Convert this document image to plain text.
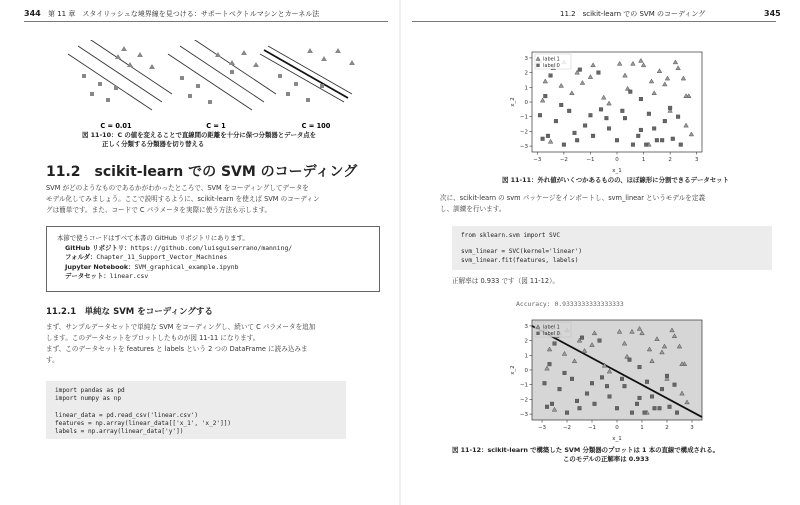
344 第 11 章　スタイリッシュな境界線を見つける：サポートベクトルマシンとカーネル法
C = 0.01	C = 1	C = 100
図 11-10：C の値を変えることで直線間の距離を十分に保つ分類器とデータ点を
正しく分類する分類器を切り替える
11.2　scikit-learn での SVM のコーディング
SVM がどのようなものであるかがわかったところで、SVM をコーディングしてデータを
モデル化してみましょう。ここで説明するように、scikit-learn を使えば SVM のコーディン
グは簡単です。また、コードで C パラメータを実際に使う方法も示します。
本節で使うコードはすべて本書の GitHub リポジトリにあります。
GitHub リポジトリ：https://github.com/luisguiserrano/manning/
フォルダ：Chapter_11_Support_Vector_Machines
Jupyter Notebook：SVM_graphical_example.ipynb
データセット：linear.csv
11.2.1　単純な SVM をコーディングする
まず、サンプルデータセットで単純な SVM をコーディングし、続いて C パラメータを追加
します。このデータセットをプロットしたものが図 11-11 になります。
まず、このデータセットを features と labels という 2 つの DataFrame に読み込みま
す。
import pandas as pd
import numpy as np

linear_data = pd.read_csv('linear.csv')
features = np.array(linear_data[['x_1', 'x_2']])
labels = np.array(linear_data['y'])
11.2　scikit-learn での SVM のコーディング	345
−3	−2	−1	0	1	2	3
−3
−2
−1
0
1
2
3
x_1
x_2
label 1
label 0
図 11-11：外れ値がいくつかあるものの、ほぼ線形に分割できるデータセット
次に、scikit-learn の svm パッケージをインポートし、svm_linear というモデルを定義
し、訓練を行います。
from sklearn.svm import SVC

svm_linear = SVC(kernel='linear')
svm_linear.fit(features, labels)
正解率は 0.933 です（図 11-12）。
Accuracy: 0.9333333333333333
−3	−2	−1	0	1	2	3
−3
−2
−1
0
1
2
3
x_1
x_2
label 1
label 0
図 11-12：scikit-learn で構築した SVM 分類器のプロットは 1 本の直線で構成される。
このモデルの正解率は 0.933
